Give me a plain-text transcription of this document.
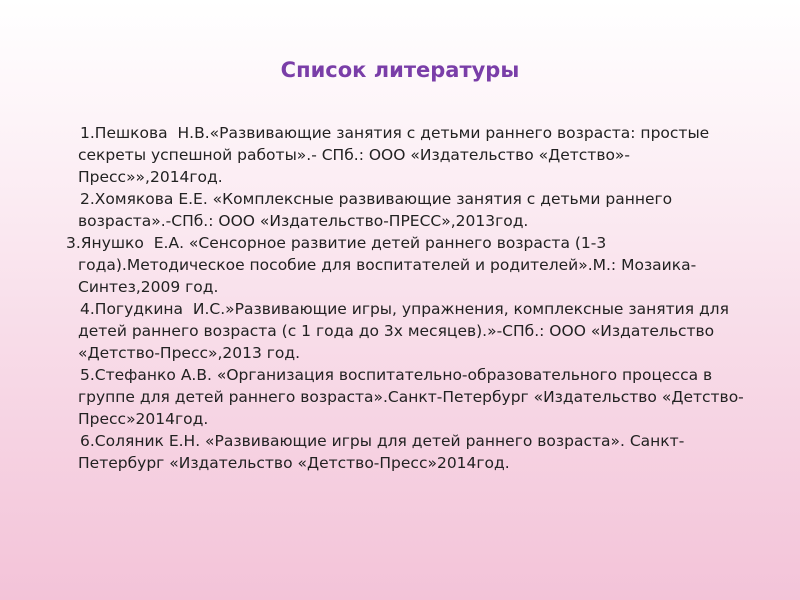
Список литературы
1.Пешкова  Н.В.«Развивающие занятия с детьми раннего возраста: простые секреты успешной работы».- СПб.: ООО «Издательство «Детство»-Пресс»»,2014год.
2.Хомякова Е.Е. «Комплексные развивающие занятия с детьми раннего возраста».-СПб.: ООО «Издательство-ПРЕСС»,2013год.
3.Янушко  Е.А. «Сенсорное развитие детей раннего возраста (1-3 года).Методическое пособие для воспитателей и родителей».М.: Мозаика-Синтез,2009 год.
4.Погудкина  И.С.»Развивающие игры, упражнения, комплексные занятия для детей раннего возраста (с 1 года до 3х месяцев).»-СПб.: ООО «Издательство «Детство-Пресс»,2013 год.
5.Стефанко А.В. «Организация воспитательно-образовательного процесса в группе для детей раннего возраста».Санкт-Петербург «Издательство «Детство-Пресс»2014год.
6.Соляник Е.Н. «Развивающие игры для детей раннего возраста». Санкт-Петербург «Издательство «Детство-Пресс»2014год.
